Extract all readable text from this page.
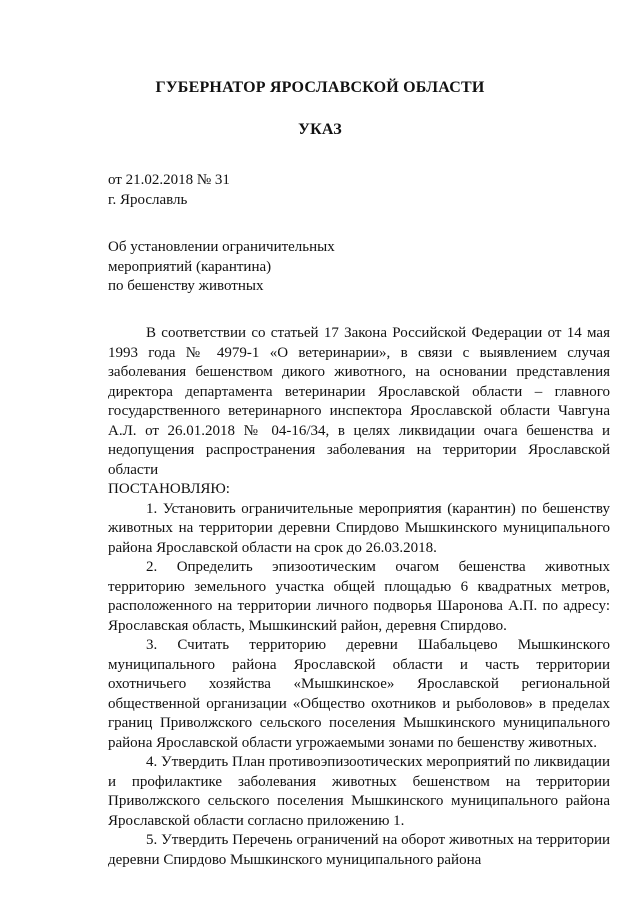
ГУБЕРНАТОР ЯРОСЛАВСКОЙ ОБЛАСТИ
УКАЗ
от 21.02.2018 № 31
г. Ярославль
Об установлении ограничительных
мероприятий (карантина)
по бешенству животных

В соответствии со статьей 17 Закона Российской Федерации от 14 мая 1993 года № 4979-1 «О ветеринарии», в связи с выявлением случая заболевания бешенством дикого животного, на основании представления директора департамента ветеринарии Ярославской области – главного государственного ветеринарного инспектора Ярославской области Чавгуна А.Л. от 26.01.2018 № 04-16/34, в целях ликвидации очага бешенства и недопущения распространения заболевания на территории Ярославской области

ПОСТАНОВЛЯЮ:

1. Установить ограничительные мероприятия (карантин) по бешенству животных на территории деревни Спирдово Мышкинского муниципального района Ярославской области на срок до 26.03.2018.

2. Определить эпизоотическим очагом бешенства животных территорию земельного участка общей площадью 6 квадратных метров, расположенного на территории личного подворья Шаронова А.П. по адресу: Ярославская область, Мышкинский район, деревня Спирдово.

3. Считать территорию деревни Шабальцево Мышкинского муниципального района Ярославской области и часть территории охотничьего хозяйства «Мышкинское» Ярославской региональной общественной организации «Общество охотников и рыболовов» в пределах границ Приволжского сельского поселения Мышкинского муниципального района Ярославской области угрожаемыми зонами по бешенству животных.

4. Утвердить План противоэпизоотических мероприятий по ликвидации и профилактике заболевания животных бешенством на территории Приволжского сельского поселения Мышкинского муниципального района Ярославской области согласно приложению 1.

5. Утвердить Перечень ограничений на оборот животных на территории деревни Спирдово Мышкинского муниципального района
